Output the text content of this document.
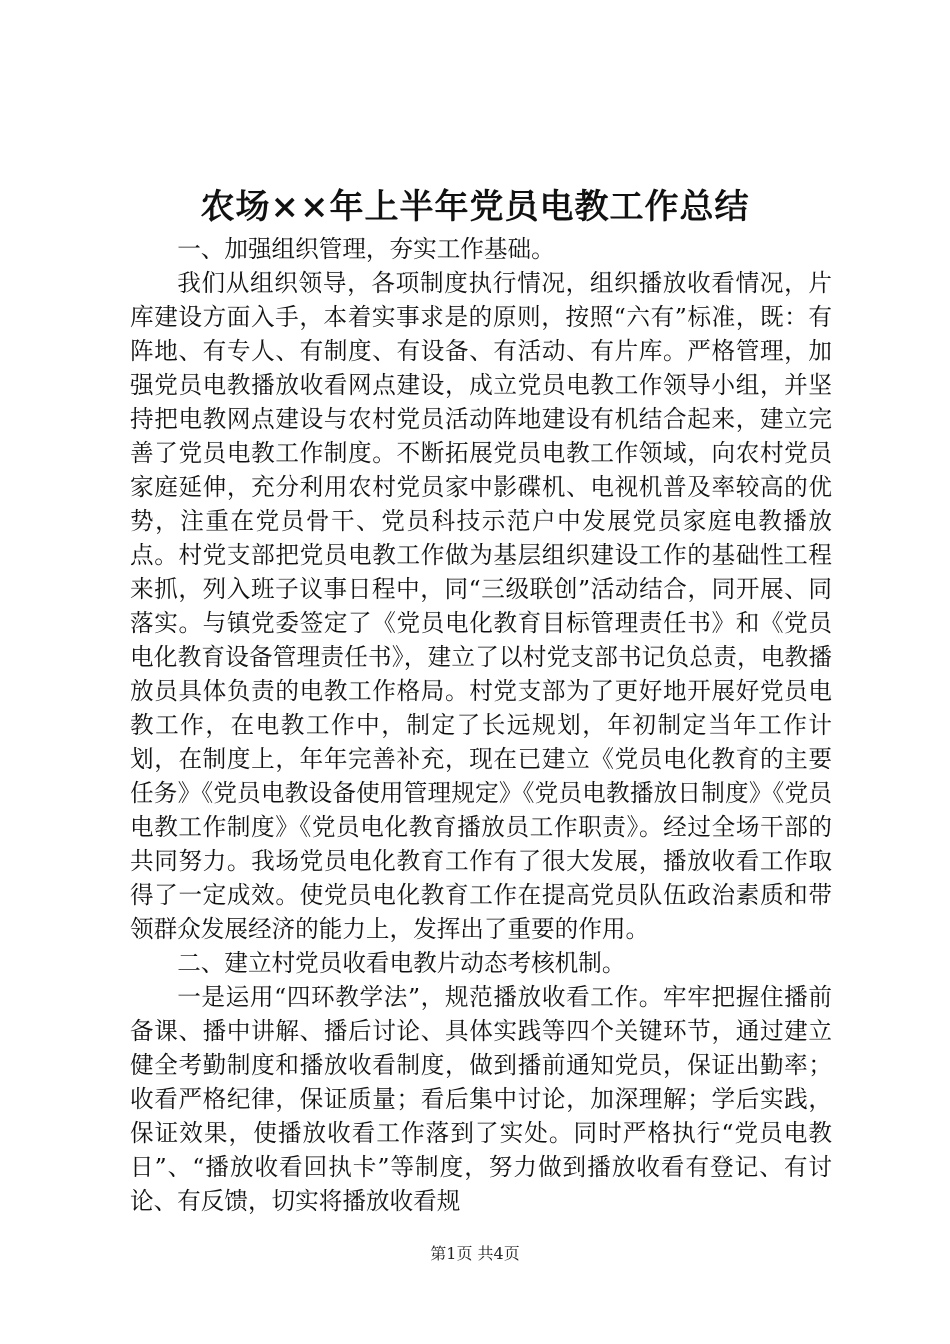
农场××年上半年党员电教工作总结

一、加强组织管理，夯实工作基础。

我们从组织领导，各项制度执行情况，组织播放收看情况，片库建设方面入手，本着实事求是的原则，按照“六有”标准，既：有阵地、有专人、有制度、有设备、有活动、有片库。严格管理，加强党员电教播放收看网点建设，成立党员电教工作领导小组，并坚持把电教网点建设与农村党员活动阵地建设有机结合起来，建立完善了党员电教工作制度。不断拓展党员电教工作领域，向农村党员家庭延伸，充分利用农村党员家中影碟机、电视机普及率较高的优势，注重在党员骨干、党员科技示范户中发展党员家庭电教播放点。村党支部把党员电教工作做为基层组织建设工作的基础性工程来抓，列入班子议事日程中，同“三级联创”活动结合，同开展、同落实。与镇党委签定了《党员电化教育目标管理责任书》和《党员电化教育设备管理责任书》，建立了以村党支部书记负总责，电教播放员具体负责的电教工作格局。村党支部为了更好地开展好党员电教工作，在电教工作中，制定了长远规划，年初制定当年工作计划，在制度上，年年完善补充，现在已建立《党员电化教育的主要任务》《党员电教设备使用管理规定》《党员电教播放日制度》《党员电教工作制度》《党员电化教育播放员工作职责》。经过全场干部的共同努力。我场党员电化教育工作有了很大发展，播放收看工作取得了一定成效。使党员电化教育工作在提高党员队伍政治素质和带领群众发展经济的能力上，发挥出了重要的作用。

二、建立村党员收看电教片动态考核机制。

一是运用“四环教学法”，规范播放收看工作。牢牢把握住播前备课、播中讲解、播后讨论、具体实践等四个关键环节，通过建立健全考勤制度和播放收看制度，做到播前通知党员，保证出勤率；收看严格纪律，保证质量；看后集中讨论，加深理解；学后实践，保证效果，使播放收看工作落到了实处。同时严格执行“党员电教日”、“播放收看回执卡”等制度，努力做到播放收看有登记、有讨论、有反馈，切实将播放收看规

第1页 共4页
